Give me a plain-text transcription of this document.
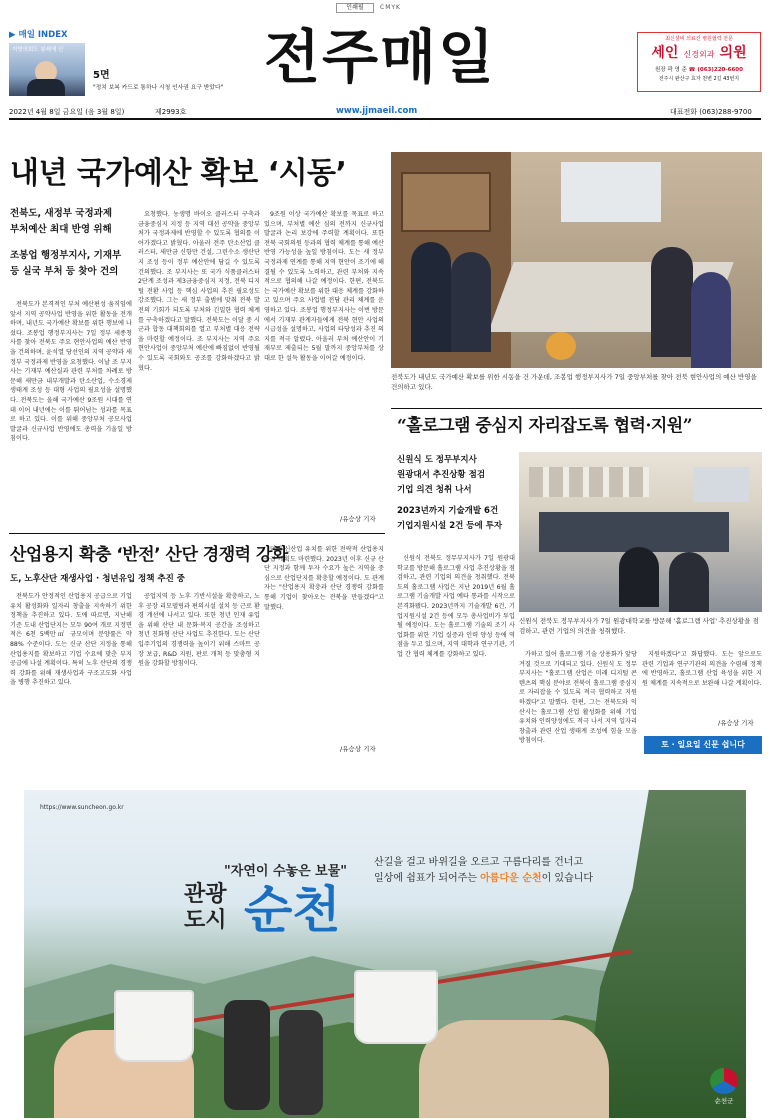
인쇄필	CMYK
▶ 매일 INDEX
지방의회도 봉쇄에 신
5면
"정치 보복 카드로 통하나 시청 인사권 요구 받았다" 전주매일	최신설비 의료진 병원협력 전문
세인 신경외과 의원
원장 곽 영 준 ☎ (063)220-6600
전주시 완산구 효자 천변 2길 43번지
2022년 4월 8일 금요일 (음 3월 8일)	제2993호	www.jjmaeil.com	대표전화 (063)288-9700
내년 국가예산 확보 ‘시동’
전북도, 새정부 국정과제
부처예산 최대 반영 위해
조봉업 행정부지사, 기재부
등 실국 부처 등 찾아 건의

전북도가 본격적인 부처 예산편성 움직임에 앞서 지역 공약사업 반영을 위한 활동을 전개하며, 내년도 국가예산 확보를 위한 행보에 나섰다. 조봉업 행정부지사는 7일 정부 세종청사를 찾아 전북도 주요 현안사업의 예산 반영을 건의하며, 윤석열 당선인의 지역 공약과 새 정부 국정과제 반영을 요청했다. 이날 조 부지사는 기재부 예산실과 관련 부처를 차례로 방문해 새만금 내부개발과 탄소산업, 수소경제 생태계 조성 등 대형 사업의 필요성을 설명했다. 전북도는 올해 국가예산 9조원 시대를 연 데 이어 내년에는 이를 뛰어넘는 성과를 목표로 하고 있다. 이를 위해 중앙부처 공모사업 발굴과 신규사업 반영에도 총력을 기울일 방침이다.

요청했다. 농생명 바이오 클러스터 구축과 금융중심지 지정 등 지역 대선 공약을 중앙부처가 국정과제에 반영할 수 있도록 협의를 이어가겠다고 밝혔다. 아울러 전주 탄소산업 클러스터, 새만금 신항만 건설, 그린수소 생산단지 조성 등이 정부 예산안에 담길 수 있도록 건의했다. 조 부지사는 또 국가 식품클러스터 2단계 조성과 제3금융중심지 지정, 전북 디지털 전환 사업 등 핵심 사업의 추진 필요성도 강조했다. 그는 새 정부 출범에 맞춰 전북 발전의 기회가 되도록 부처와 긴밀한 협력 체계를 구축하겠다고 말했다. 전북도는 이달 중 시군과 합동 대책회의를 열고 부처별 대응 전략을 마련할 예정이다. 조 부지사는 지역 주요 현안사업이 중앙부처 예산에 빠짐없이 반영될 수 있도록 국회와도 공조를 강화하겠다고 밝혔다.

9조원 이상 국가예산 확보를 목표로 하고 있으며, 부처별 예산 심의 전까지 신규사업 발굴과 논리 보강에 주력할 계획이다. 또한 전북 국회의원 등과의 협력 체계를 통해 예산 반영 가능성을 높일 방침이다. 도는 새 정부 국정과제 연계를 통해 지역 현안이 조기에 해결될 수 있도록 노력하고, 관련 부처와 지속적으로 협의해 나갈 예정이다. 한편, 전북도는 국가예산 확보를 위한 대응 체계를 강화하고 있으며 주요 사업별 전담 관리 체계를 운영하고 있다. 조봉업 행정부지사는 이번 방문에서 기재부 관계자들에게 전북 현안 사업의 시급성을 설명하고, 사업의 타당성과 추진 의지를 적극 알렸다. 아울러 부처 예산안이 기재부로 제출되는 5월 말까지 중앙부처를 상대로 한 설득 활동을 이어갈 예정이다.

/유승상 기자
전북도가 내년도 국가예산 확보를 위한 시동을 건 가운데, 조봉업 행정부지사가 7일 중앙부처를 찾아 전북 현안사업의 예산 반영을 건의하고 있다.
“홀로그램 중심지 자리잡도록 협력·지원”
신원식 도 정무부지사
원광대서 추진상황 점검
기업 의견 청취 나서
2023년까지 기술개발 6건
기업지원시설 2건 등에 투자
신원식 전북도 정무부지사가 7일 원광대학교를 방문해 '홀로그램 사업' 추진상황을 점검하고, 관련 기업의 의견을 청취했다.

신원식 전북도 정무부지사가 7일 원광대학교를 방문해 홀로그램 사업 추진상황을 점검하고, 관련 기업의 의견을 청취했다. 전북도의 홀로그램 사업은 지난 2019년 6월 홀로그램 기술개발 사업 예타 통과를 시작으로 본격화됐다. 2023년까지 기술개발 6건, 기업지원시설 2건 등에 모두 총사업비가 투입될 예정이다. 도는 홀로그램 기술의 조기 사업화를 위한 기업 실증과 인력 양성 등에 역점을 두고 있으며, 지역 대학과 연구기관, 기업 간 협력 체계를 강화하고 있다.	가하고 있어 홀로그램 기술 상용화가 앞당겨질 것으로 기대되고 있다. 신원식 도 정무부지사는 "홀로그램 산업은 미래 디지털 콘텐츠의 핵심 분야로 전북이 홀로그램 중심지로 자리잡을 수 있도록 적극 협력하고 지원하겠다"고 말했다. 한편, 그는 전북도와 익산시는 홀로그램 산업 활성화를 위해 기업 유치와 인력양성에도 적극 나서 지역 일자리 창출과 관련 산업 생태계 조성에 힘을 모을 방침이다.

지원하겠다"고 화답했다. 도는 앞으로도 관련 기업과 연구기관의 의견을 수렴해 정책에 반영하고, 홀로그램 산업 육성을 위한 지원 체계를 지속적으로 보완해 나갈 계획이다.

/유승상 기자
토 · 일요일 신문 쉽니다
산업용지 확충 ‘반전’ 산단 경쟁력 강화
도, 노후산단 재생사업 · 청년유입 정책 추진 중

전북도가 안정적인 산업용지 공급으로 기업유치 활성화와 일자리 창출을 지속하기 위한 정책을 추진하고 있다. 도에 따르면, 지난해 기준 도내 산업단지는 모두 90여 개로 지정면적은 6천 5백만㎡ 규모이며 분양률은 약 88% 수준이다. 도는 신규 산단 지정을 통해 산업용지를 확보하고 기업 수요에 맞춘 부지 공급에 나설 계획이다. 특히 노후 산단의 경쟁력 강화를 위해 재생사업과 구조고도화 사업을 병행 추진하고 있다.

공업지역 등 노후 기반시설을 확충하고, 노후 공장 리모델링과 편의시설 설치 등 근로 환경 개선에 나서고 있다. 또한 청년 인재 유입을 위해 산단 내 문화·복지 공간을 조성하고 청년 친화형 산단 사업도 추진한다. 도는 산단 입주기업의 경쟁력을 높이기 위해 스마트 공장 보급, R&D 지원, 판로 개척 등 맞춤형 지원을 강화할 방침이다.

미래 신산업 유치를 위한 전략적 산업용지 공급 계획도 마련했다. 2023년 이후 신규 산단 지정과 함께 투자 수요가 높은 지역을 중심으로 산업단지를 확충할 예정이다. 도 관계자는 "산업용지 확충과 산단 경쟁력 강화를 통해 기업이 찾아오는 전북을 만들겠다"고 말했다.

/유승상 기자
https://www.suncheon.go.kr
"자연이 수놓은 보물"
관광
도시 순천
산길을 걸고 바위길을 오르고 구름다리를 건너고
일상에 쉼표가 되어주는 아름다운 순천이 있습니다
순천군
